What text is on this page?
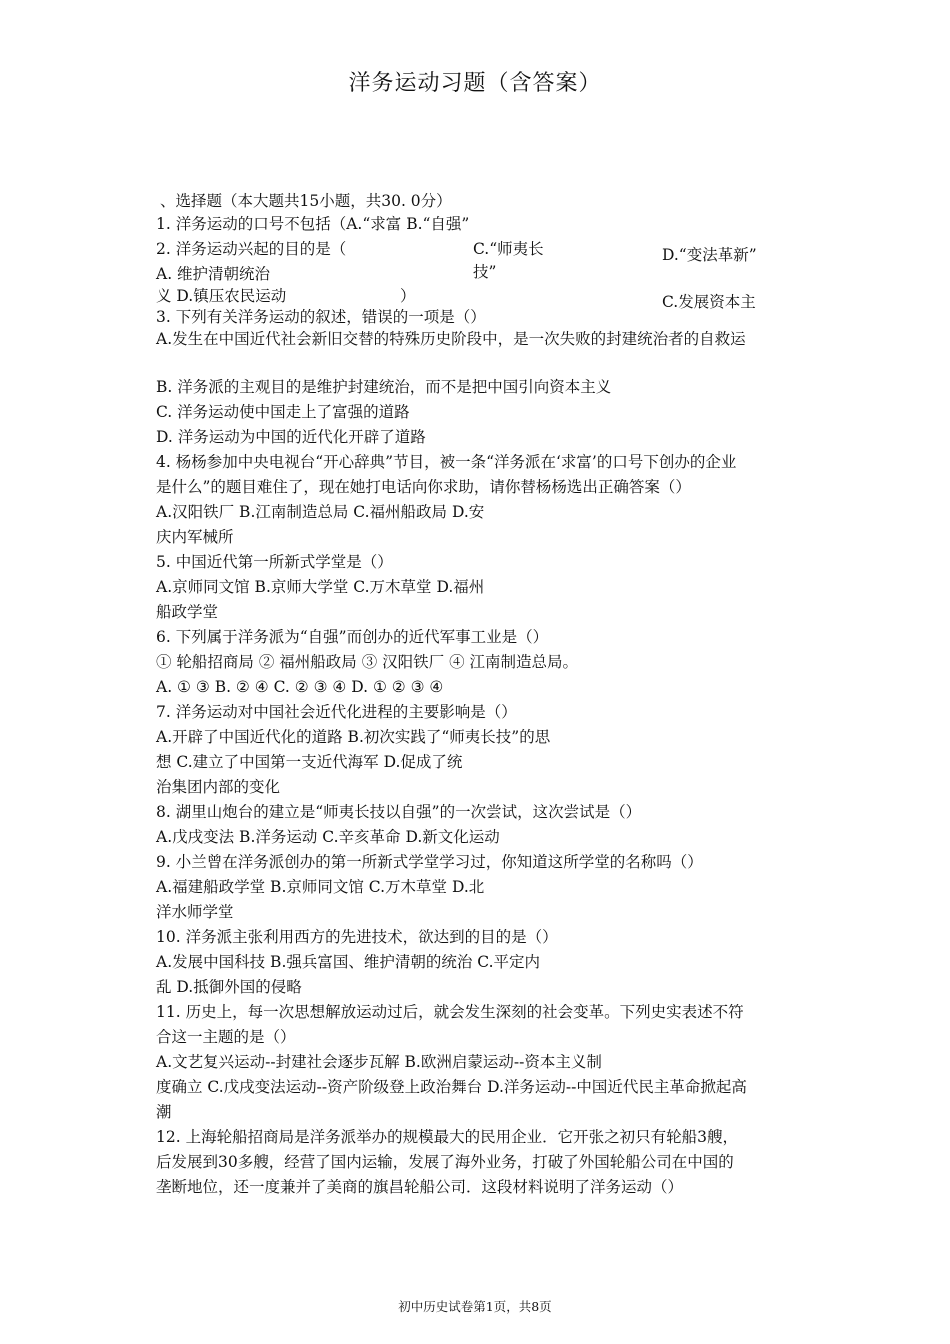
洋务运动习题（含答案）
、选择题（本大题共15小题，共30. 0分）
1. 洋务运动的口号不包括（A.“求富 B.“自强”
2. 洋务运动兴起的目的是（	C.“师夷长	D.“变法革新”
技”
A. 维护清朝统治
义 D.镇压农民运动	）	C.发展资本主
3. 下列有关洋务运动的叙述，错误的一项是（）
A.发生在中国近代社会新旧交替的特殊历史阶段中，是一次失败的封建统治者的自救运
B. 洋务派的主观目的是维护封建统治，而不是把中国引向资本主义
C. 洋务运动使中国走上了富强的道路
D. 洋务运动为中国的近代化开辟了道路
4. 杨杨参加中央电视台“开心辞典”节目，被一条“洋务派在‘求富’的口号下创办的企业
是什么”的题目难住了，现在她打电话向你求助，请你替杨杨选出正确答案（）
A.汉阳铁厂 B.江南制造总局 C.福州船政局 D.安
庆内军械所
5. 中国近代第一所新式学堂是（）
A.京师同文馆 B.京师大学堂 C.万木草堂 D.福州
船政学堂
6. 下列属于洋务派为“自强”而创办的近代军事工业是（）
① 轮船招商局 ② 福州船政局 ③ 汉阳铁厂 ④ 江南制造总局。
A. ① ③ B. ② ④ C. ② ③ ④ D. ① ② ③ ④
7. 洋务运动对中国社会近代化进程的主要影响是（）
A.开辟了中国近代化的道路 B.初次实践了“师夷长技”的思
想 C.建立了中国第一支近代海军 D.促成了统
治集团内部的变化
8. 湖里山炮台的建立是“师夷长技以自强”的一次尝试，这次尝试是（）
A.戊戌变法 B.洋务运动 C.辛亥革命 D.新文化运动
9. 小兰曾在洋务派创办的第一所新式学堂学习过，你知道这所学堂的名称吗（）
A.福建船政学堂 B.京师同文馆 C.万木草堂 D.北
洋水师学堂
10. 洋务派主张利用西方的先进技术，欲达到的目的是（）
A.发展中国科技 B.强兵富国、维护清朝的统治 C.平定内
乱 D.抵御外国的侵略
11. 历史上，每一次思想解放运动过后，就会发生深刻的社会变革。下列史实表述不符
合这一主题的是（）
A.文艺复兴运动--封建社会逐步瓦解 B.欧洲启蒙运动--资本主义制
度确立 C.戊戌变法运动--资产阶级登上政治舞台 D.洋务运动--中国近代民主革命掀起高
潮
12. 上海轮船招商局是洋务派举办的规模最大的民用企业．它开张之初只有轮船3艘，
后发展到30多艘，经营了国内运输，发展了海外业务，打破了外国轮船公司在中国的
垄断地位，还一度兼并了美商的旗昌轮船公司．这段材料说明了洋务运动（）
初中历史试卷第1页，共8页
